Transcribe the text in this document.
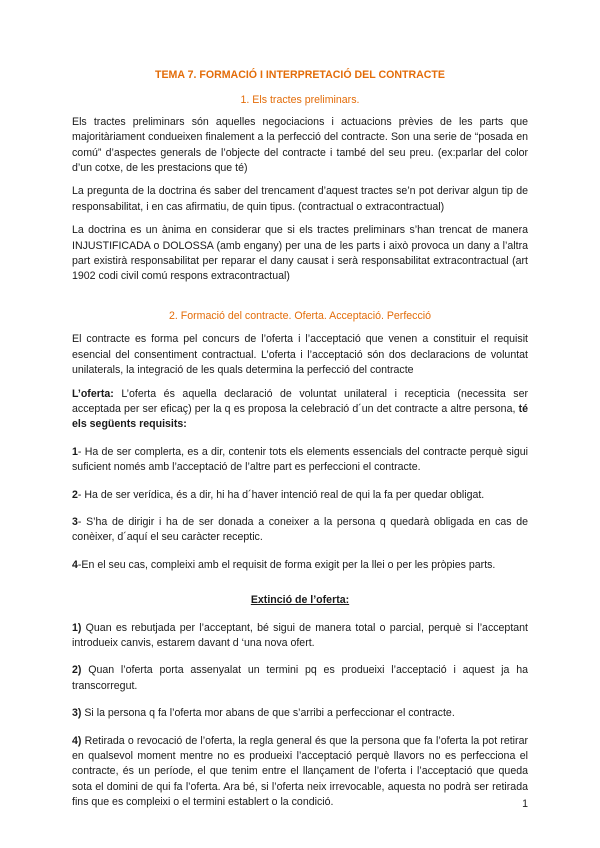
TEMA 7. FORMACIÓ I INTERPRETACIÓ DEL CONTRACTE
1. Els tractes preliminars.

Els tractes preliminars són aquelles negociacions i actuacions prèvies de les parts que majoritàriament condueixen finalement a la perfecció del contracte. Son una serie de “posada en comú” d’aspectes generals de l’objecte del contracte i també del seu preu. (ex:parlar del color d’un cotxe, de les prestacions que té)

La pregunta de la doctrina és saber del trencament d’aquest tractes se’n pot derivar algun tip de responsabilitat, i en cas afirmatiu, de quin tipus. (contractual o extracontractual)

La doctrina es un ànima en considerar que si els tractes preliminars s’han trencat de manera INJUSTIFICADA o DOLOSSA (amb engany) per una de les parts i això provoca un dany a l’altra part existirà responsabilitat per reparar el dany causat i serà responsabilitat extracontractual (art 1902 codi civil comú respons extracontractual)

2. Formació del contracte. Oferta. Acceptació. Perfecció

El contracte es forma pel concurs de l’oferta i l’acceptació que venen a constituir el requisit esencial del consentiment contractual. L’oferta i l’acceptació són dos declaracions de voluntat unilaterals, la integració de les quals determina la perfecció del contracte

L’oferta: L’oferta és aquella declaració de voluntat unilateral i recepticia (necessita ser acceptada per ser eficaç) per la q es proposa la celebració d´un det contracte a altre persona, té els següents requisits:

1- Ha de ser complerta, es a dir, contenir tots els elements essencials del contracte perquè sigui suficient només amb l’acceptació de l’altre part es perfeccioni el contracte.

2- Ha de ser verídica, és a dir, hi ha d´haver intenció real de qui la fa per quedar obligat.

3- S’ha de dirigir i ha de ser donada a coneixer a la persona q quedarà obligada en cas de conèixer, d´aquí el seu caràcter receptic.

4-En el seu cas, compleixi amb el requisit de forma exigit per la llei o per les pròpies parts.

Extinció de l’oferta:

1) Quan es rebutjada per l’acceptant, bé sigui de manera total o parcial, perquè si l’acceptant introdueix canvis, estarem davant d ‘una nova ofert.

2) Quan l’oferta porta assenyalat un termini pq es produeixi l’acceptació i aquest ja ha transcorregut.

3) Si la persona q fa l’oferta mor abans de que s’arribi a perfeccionar el contracte.

4) Retirada o revocació de l’oferta, la regla general és que la persona que fa l’oferta la pot retirar en qualsevol moment mentre no es produeixi l’acceptació perquè llavors no es perfecciona el contracte, és un període, el que tenim entre el llançament de l’oferta i l’acceptació que queda sota el domini de qui fa l’oferta. Ara bé, si l’oferta neix irrevocable, aquesta no podrà ser retirada fins que es compleixi o el termini establert o la condició.	1
